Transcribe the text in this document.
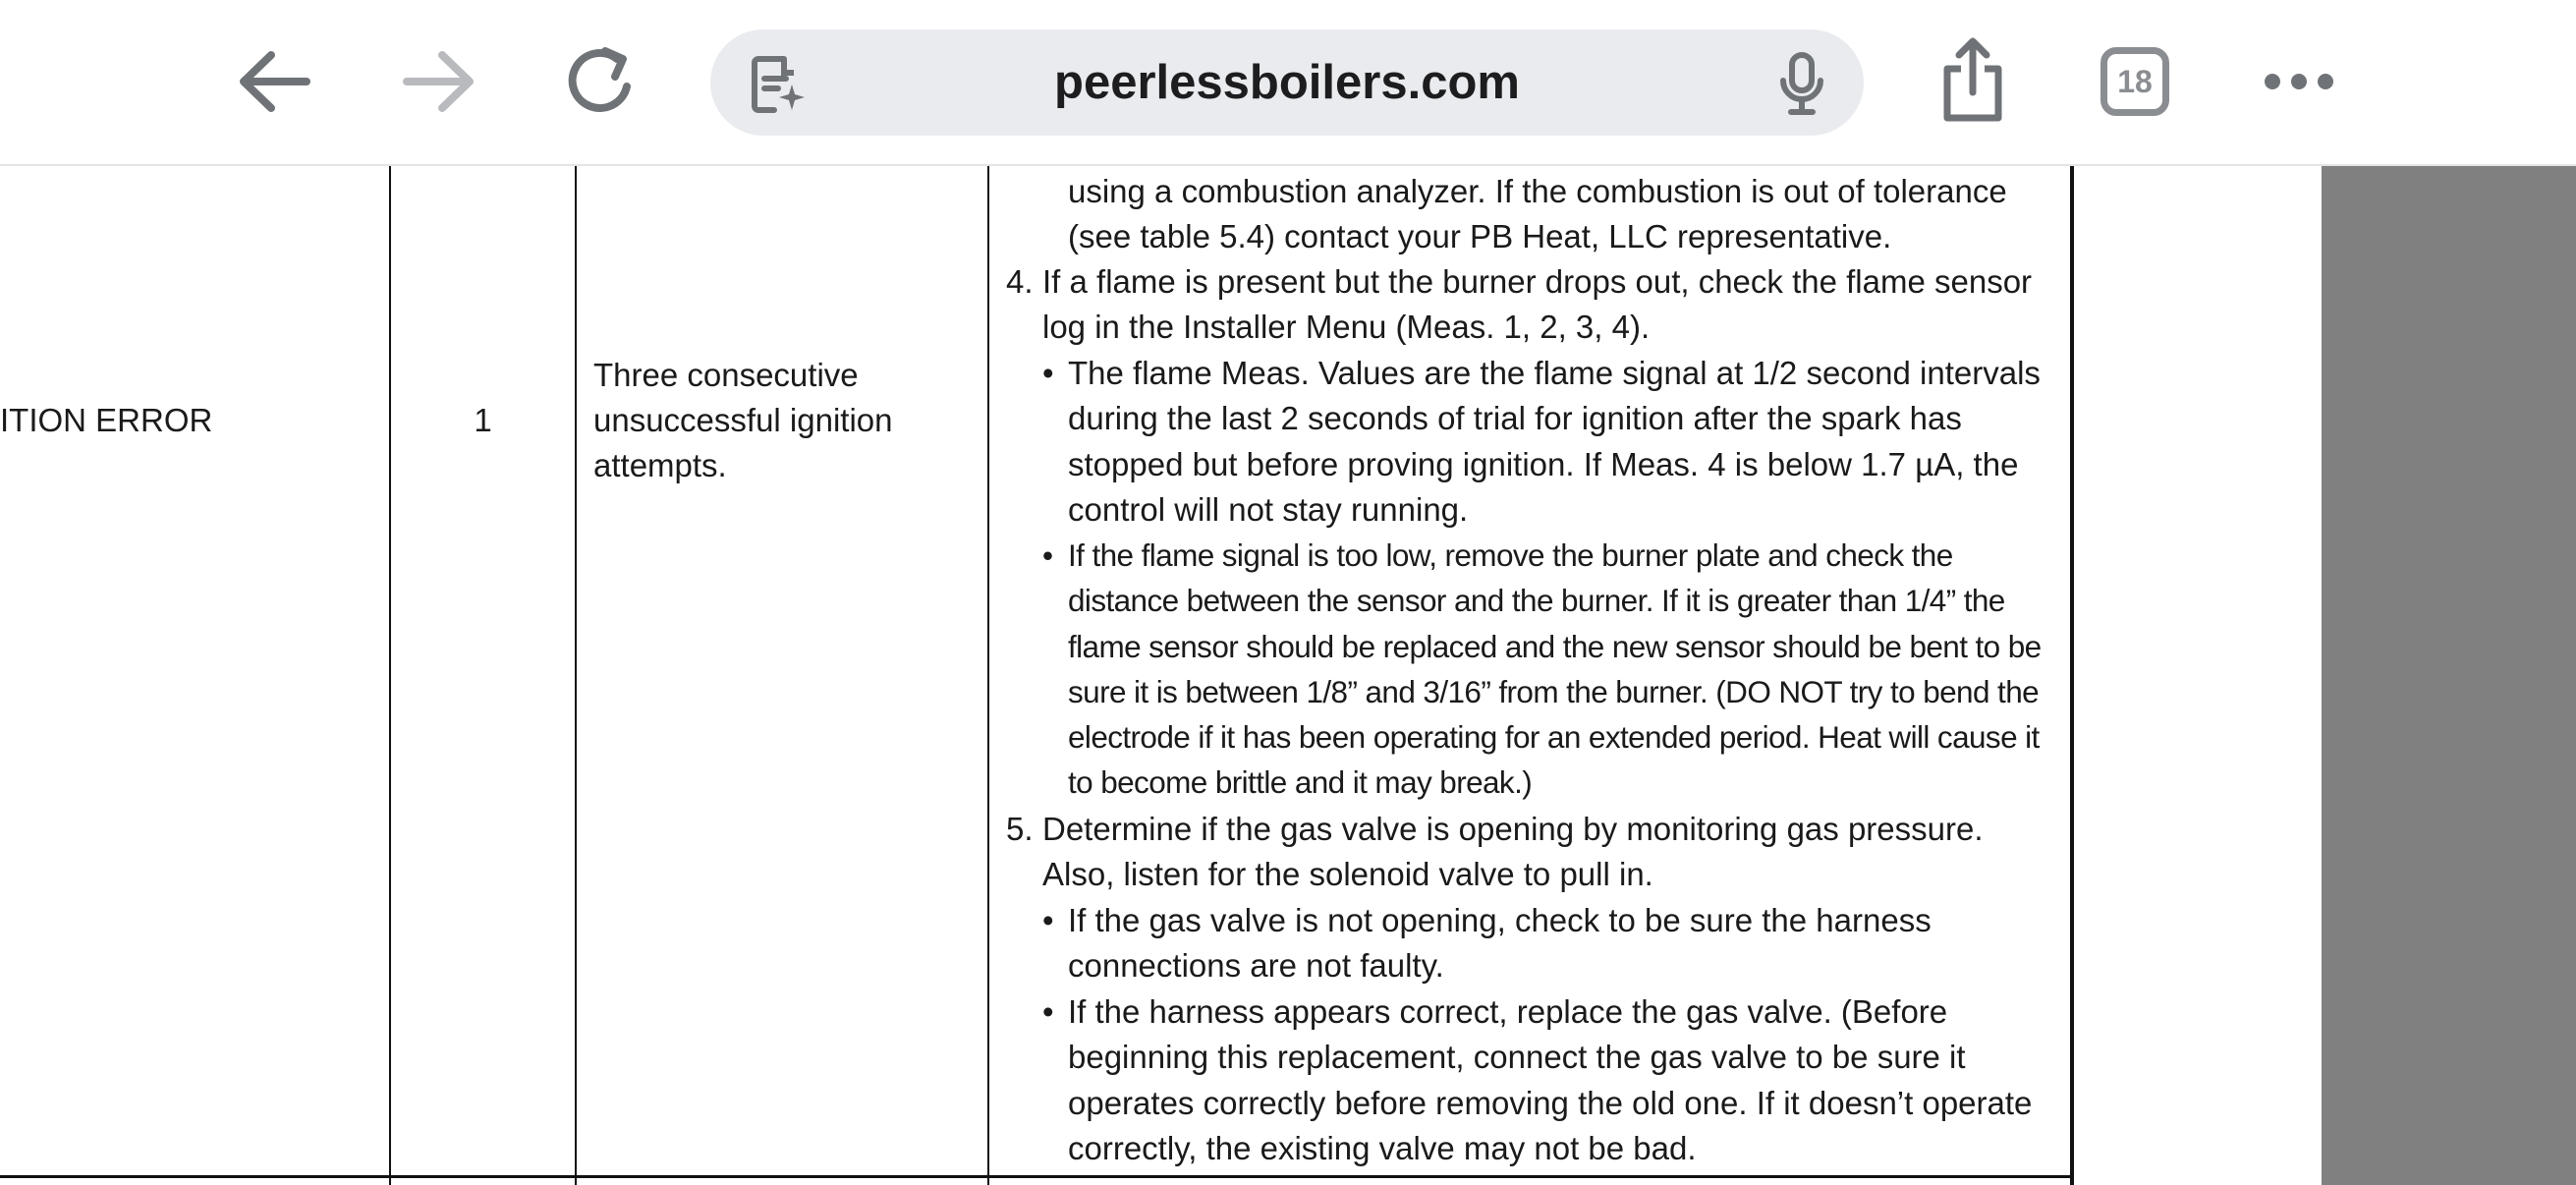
peerlessboilers.com	18
ITION ERROR	1
Three consecutive unsuccessful ignition attempts.
using a combustion analyzer. If the combustion is out of tolerance (see table 5.4) contact your PB Heat, LLC representative.
4. If a flame is present but the burner drops out, check the flame sensor log in the Installer Menu (Meas. 1, 2, 3, 4).
• The flame Meas. Values are the flame signal at 1/2 second intervals during the last 2 seconds of trial for ignition after the spark has stopped but before proving ignition. If Meas. 4 is below 1.7 µA, the control will not stay running.
• If the flame signal is too low, remove the burner plate and check the distance between the sensor and the burner. If it is greater than 1/4” the flame sensor should be replaced and the new sensor should be bent to be sure it is between 1/8” and 3/16” from the burner. (DO NOT try to bend the electrode if it has been operating for an extended period. Heat will cause it to become brittle and it may break.)
5. Determine if the gas valve is opening by monitoring gas pressure. Also, listen for the solenoid valve to pull in.
• If the gas valve is not opening, check to be sure the harness connections are not faulty.
• If the harness appears correct, replace the gas valve. (Before beginning this replacement, connect the gas valve to be sure it operates correctly before removing the old one. If it doesn’t operate correctly, the existing valve may not be bad.
